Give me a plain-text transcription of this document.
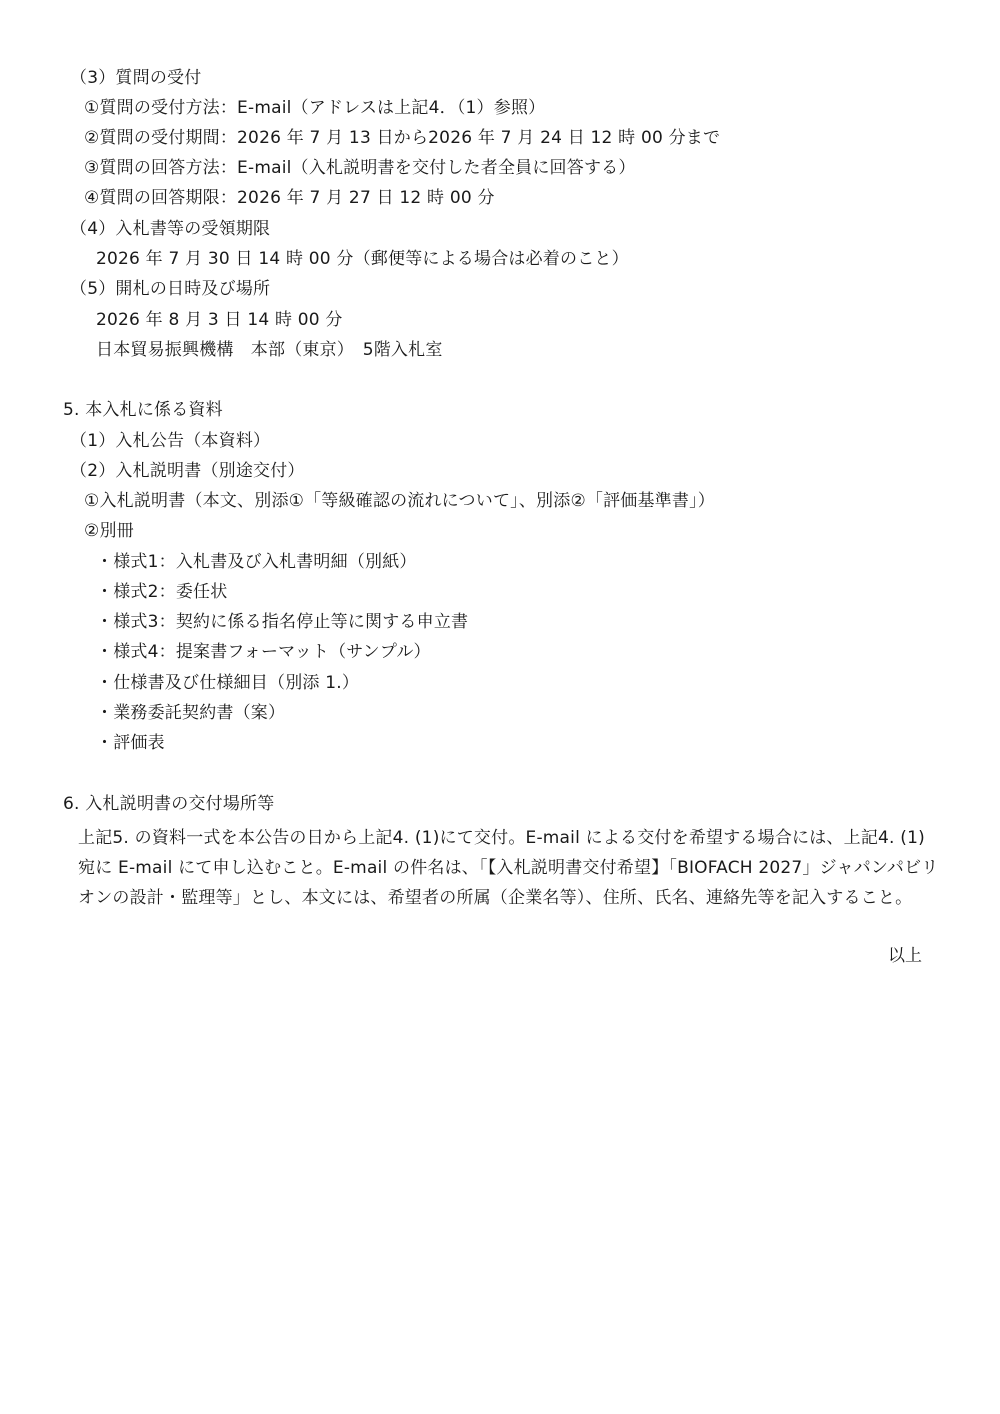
（3）質問の受付
①質問の受付方法：E-mail（アドレスは上記4．（1）参照）
②質問の受付期間：2026 年 7 月 13 日から2026 年 7 月 24 日 12 時 00 分まで
③質問の回答方法：E-mail（入札説明書を交付した者全員に回答する）
④質問の回答期限：2026 年 7 月 27 日 12 時 00 分
（4）入札書等の受領期限
2026 年 7 月 30 日 14 時 00 分（郵便等による場合は必着のこと）
（5）開札の日時及び場所
2026 年 8 月 3 日 14 時 00 分
日本貿易振興機構　本部（東京）　5階入札室
5. 本入札に係る資料
（1）入札公告（本資料）
（2）入札説明書（別途交付）
①入札説明書（本文、別添①「等級確認の流れについて」、別添②「評価基準書」）
②別冊
・様式1：入札書及び入札書明細（別紙）
・様式2：委任状
・様式3：契約に係る指名停止等に関する申立書
・様式4：提案書フォーマット（サンプル）
・仕様書及び仕様細目（別添 1.）
・業務委託契約書（案）
・評価表
6. 入札説明書の交付場所等
上記5. の資料一式を本公告の日から上記4. (1)にて交付。E-mail による交付を希望する場合には、上記4. (1)
宛に E-mail にて申し込むこと。E-mail の件名は、「【入札説明書交付希望】「BIOFACH 2027」ジャパンパビリ
オンの設計・監理等」とし、本文には、希望者の所属（企業名等）、住所、氏名、連絡先等を記入すること。
以上
